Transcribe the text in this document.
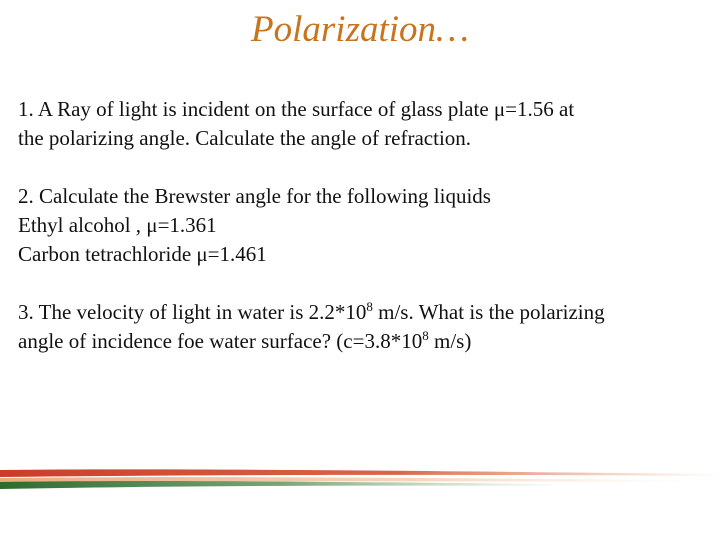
Polarization…
1. A Ray of light is incident on the surface of glass plate μ=1.56 at
the polarizing angle. Calculate the angle of refraction.
2. Calculate the Brewster angle for the following liquids
Ethyl alcohol , μ=1.361
Carbon tetrachloride μ=1.461
3. The velocity of light in water is $2.2*10^8$ m/s. What is the polarizing
angle of incidence foe water surface? ($c=3.8*10^8$ m/s)
